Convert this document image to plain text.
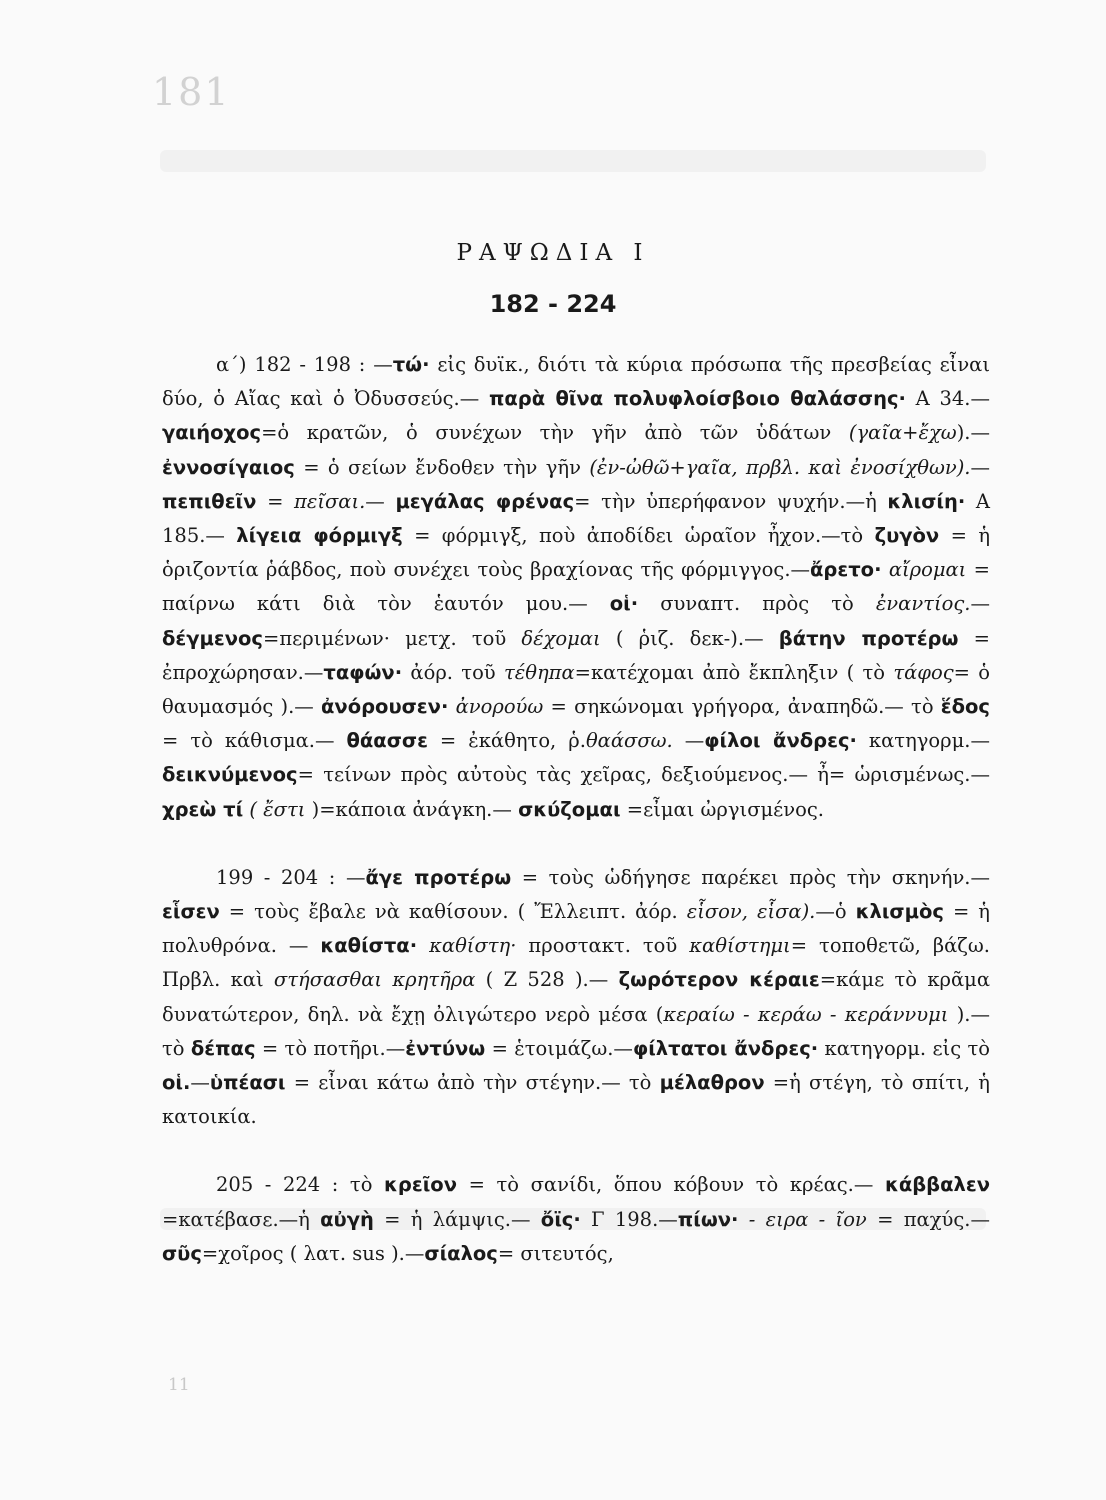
181
ΡΑΨΩΔΙΑ Ι
182 - 224

α΄) 182 - 198 : —τώ· εἰς δυϊκ., διότι τὰ κύρια πρόσωπα τῆς πρεσβείας εἶναι δύο, ὁ Αἴας καὶ ὁ Ὀδυσσεύς.— παρὰ θῖνα πολυφλοίσβοιο θαλάσσης· Α 34.— γαιήοχος=ὁ κρατῶν, ὁ συνέχων τὴν γῆν ἀπὸ τῶν ὑδάτων (γαῖα+ἔχω).— ἐννοσίγαιος = ὁ σείων ἔνδοθεν τὴν γῆν (ἐν-ὠθῶ+γαῖα, πρβλ. καὶ ἐνοσίχθων).—πεπιθεῖν = πεῖσαι.— μεγάλας φρένας= τὴν ὑπερήφανον ψυχήν.—ἡ κλισίη· Α 185.— λίγεια φόρμιγξ = φόρμιγξ, ποὺ ἀποδίδει ὡραῖον ἦχον.—τὸ ζυγὸν = ἡ ὁριζοντία ῥάβδος, ποὺ συνέχει τοὺς βραχίονας τῆς φόρμιγγος.—ἄρετο· αἴρομαι = παίρνω κάτι διὰ τὸν ἑαυτόν μου.— οἱ· συναπτ. πρὸς τὸ ἐναντίος.—δέγμενος=περιμένων· μετχ. τοῦ δέχομαι ( ῥιζ. δεκ-).— βάτην προτέρω = ἐπροχώρησαν.—ταφών· ἀόρ. τοῦ τέθηπα=κατέχομαι ἀπὸ ἔκπληξιν ( τὸ τάφος= ὁ θαυμασμός ).— ἀνόρουσεν· ἀνορούω = σηκώνομαι γρήγορα, ἀναπηδῶ.— τὸ ἕδος = τὸ κάθισμα.— θάασσε = ἐκάθητο, ῥ.θαάσσω. —φίλοι ἄνδρες· κατηγορμ.—δεικνύμενος= τείνων πρὸς αὐτοὺς τὰς χεῖρας, δεξιούμενος.— ἦ= ὡρισμένως.—χρεὼ τί ( ἔστι )=κάποια ἀνάγκη.— σκύζομαι =εἶμαι ὠργισμένος.

199 - 204 : —ἄγε προτέρω = τοὺς ὡδήγησε παρέκει πρὸς τὴν σκηνήν.—εἷσεν = τοὺς ἔβαλε νὰ καθίσουν. ( Ἔλλειπτ. ἀόρ. εἷσον, εἷσα).—ὁ κλισμὸς = ἡ πολυθρόνα. — καθίστα· καθίστη· προστακτ. τοῦ καθίστημι= τοποθετῶ, βάζω. Πρβλ. καὶ στήσασθαι κρητῆρα ( Ζ 528 ).— ζωρότερον κέραιε=κάμε τὸ κρᾶμα δυνατώτερον, δηλ. νὰ ἔχῃ ὀλιγώτερο νερὸ μέσα (κεραίω - κεράω - κεράννυμι ).— τὸ δέπας = τὸ ποτῆρι.—ἐντύνω = ἑτοιμάζω.—φίλτατοι ἄνδρες· κατηγορμ. εἰς τὸ οἱ.—ὑπέασι = εἶναι κάτω ἀπὸ τὴν στέγην.— τὸ μέλαθρον =ἡ στέγη, τὸ σπίτι, ἡ κατοικία.

205 - 224 : τὸ κρεῖον = τὸ σανίδι, ὅπου κόβουν τὸ κρέας.— κάββαλεν =κατέβασε.—ἡ αὐγὴ = ἡ λάμψις.— ὄϊς· Γ 198.—πίων· - ειρα - ῖον = παχύς.— σῦς=χοῖρος ( λατ. sus ).—σίαλος= σιτευτός,

11
